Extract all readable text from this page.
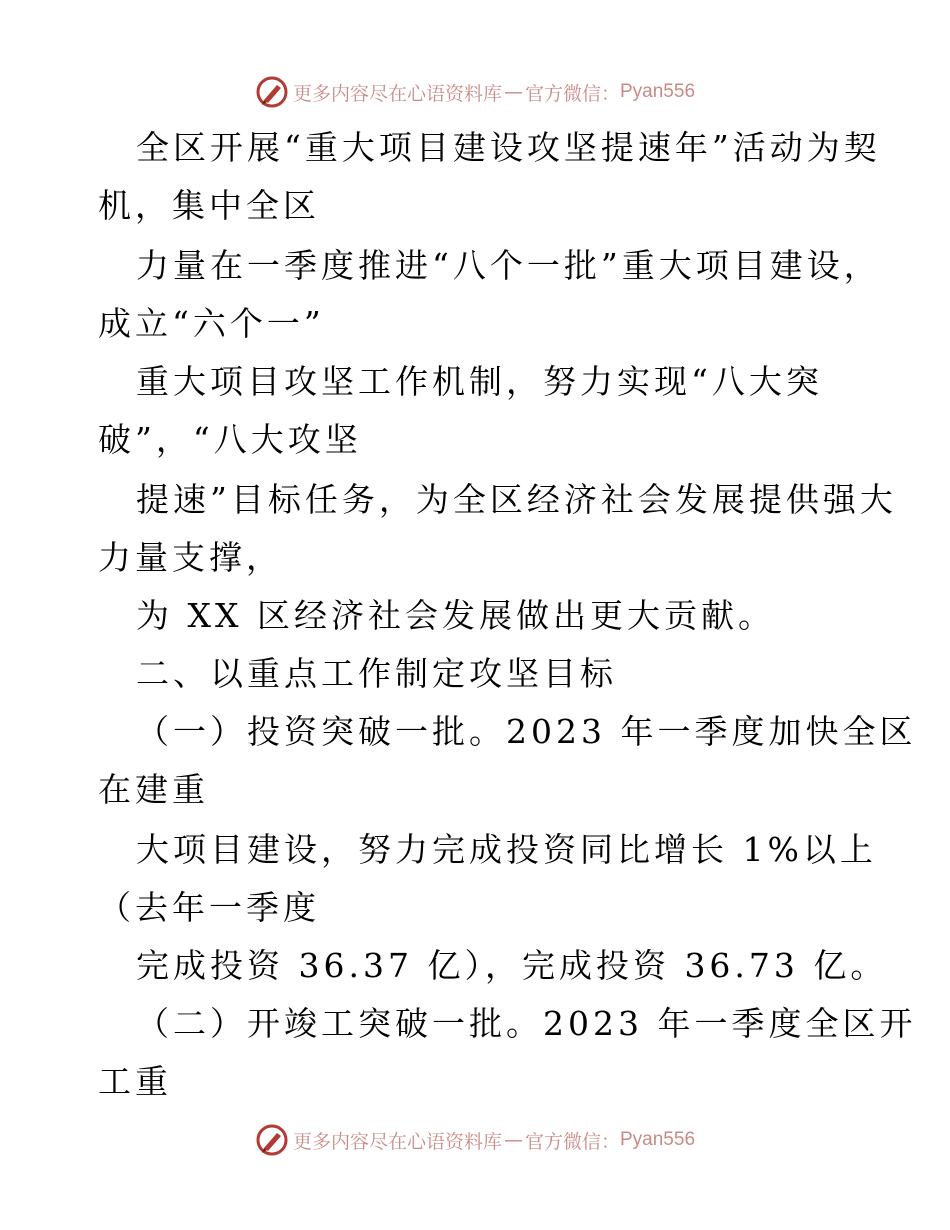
更多内容尽在心语资料库 — 官方微信： Pyan556
全区开展“重大项目建设攻坚提速年”活动为契
机，集中全区
力量在一季度推进“八个一批”重大项目建设，
成立“六个一”
重大项目攻坚工作机制，努力实现“八大突
破”，“八大攻坚
提速”目标任务，为全区经济社会发展提供强大
力量支撑，
为 XX 区经济社会发展做出更大贡献。
二、以重点工作制定攻坚目标
（一）投资突破一批。2023 年一季度加快全区
在建重
大项目建设，努力完成投资同比增长 1%以上
（去年一季度
完成投资 36.37 亿），完成投资 36.73 亿。
（二）开竣工突破一批。2023 年一季度全区开
工重
更多内容尽在心语资料库 — 官方微信： Pyan556
